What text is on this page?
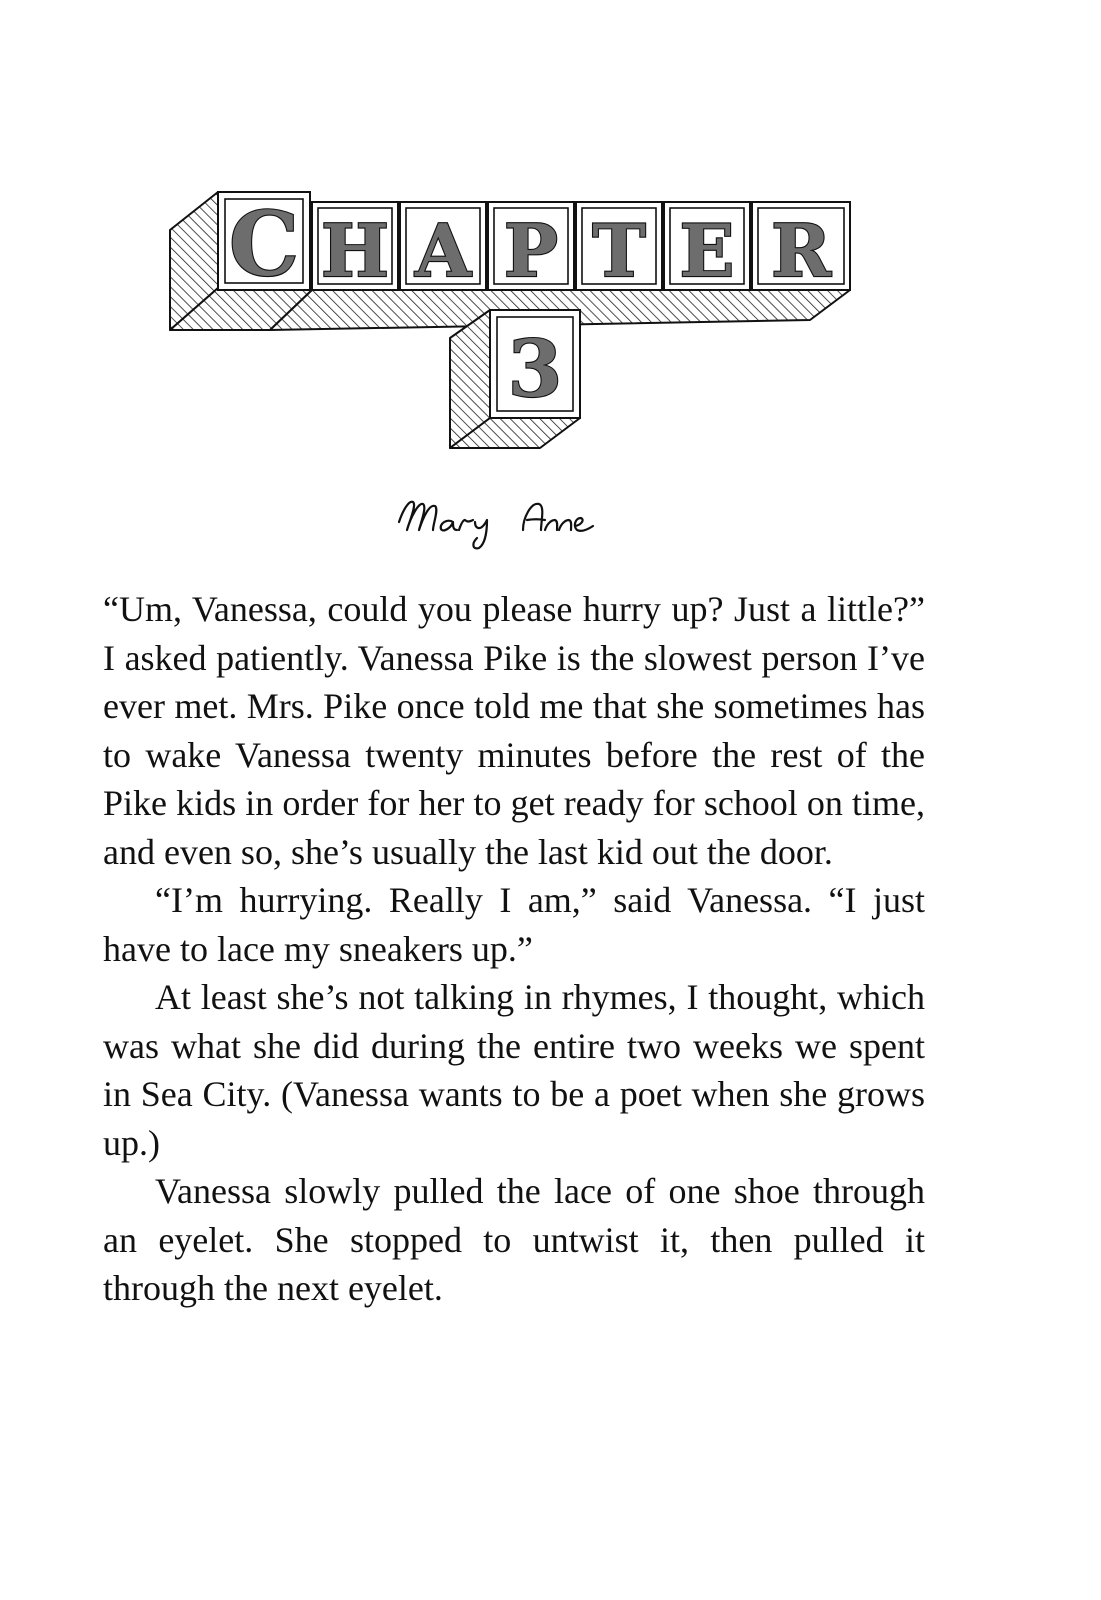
C H A P T E R
3

“Um, Vanessa, could you please hurry up? Just a little?” I asked patiently. Vanessa Pike is the slowest person I’ve ever met. Mrs. Pike once told me that she sometimes has to wake Vanessa twenty minutes before the rest of the Pike kids in order for her to get ready for school on time, and even so, she’s usually the last kid out the door.

“I’m hurrying. Really I am,” said Vanessa. “I just have to lace my sneakers up.”

At least she’s not talking in rhymes, I thought, which was what she did during the entire two weeks we spent in Sea City. (Vanessa wants to be a poet when she grows up.)

Vanessa slowly pulled the lace of one shoe through an eyelet. She stopped to untwist it, then pulled it through the next eyelet.
